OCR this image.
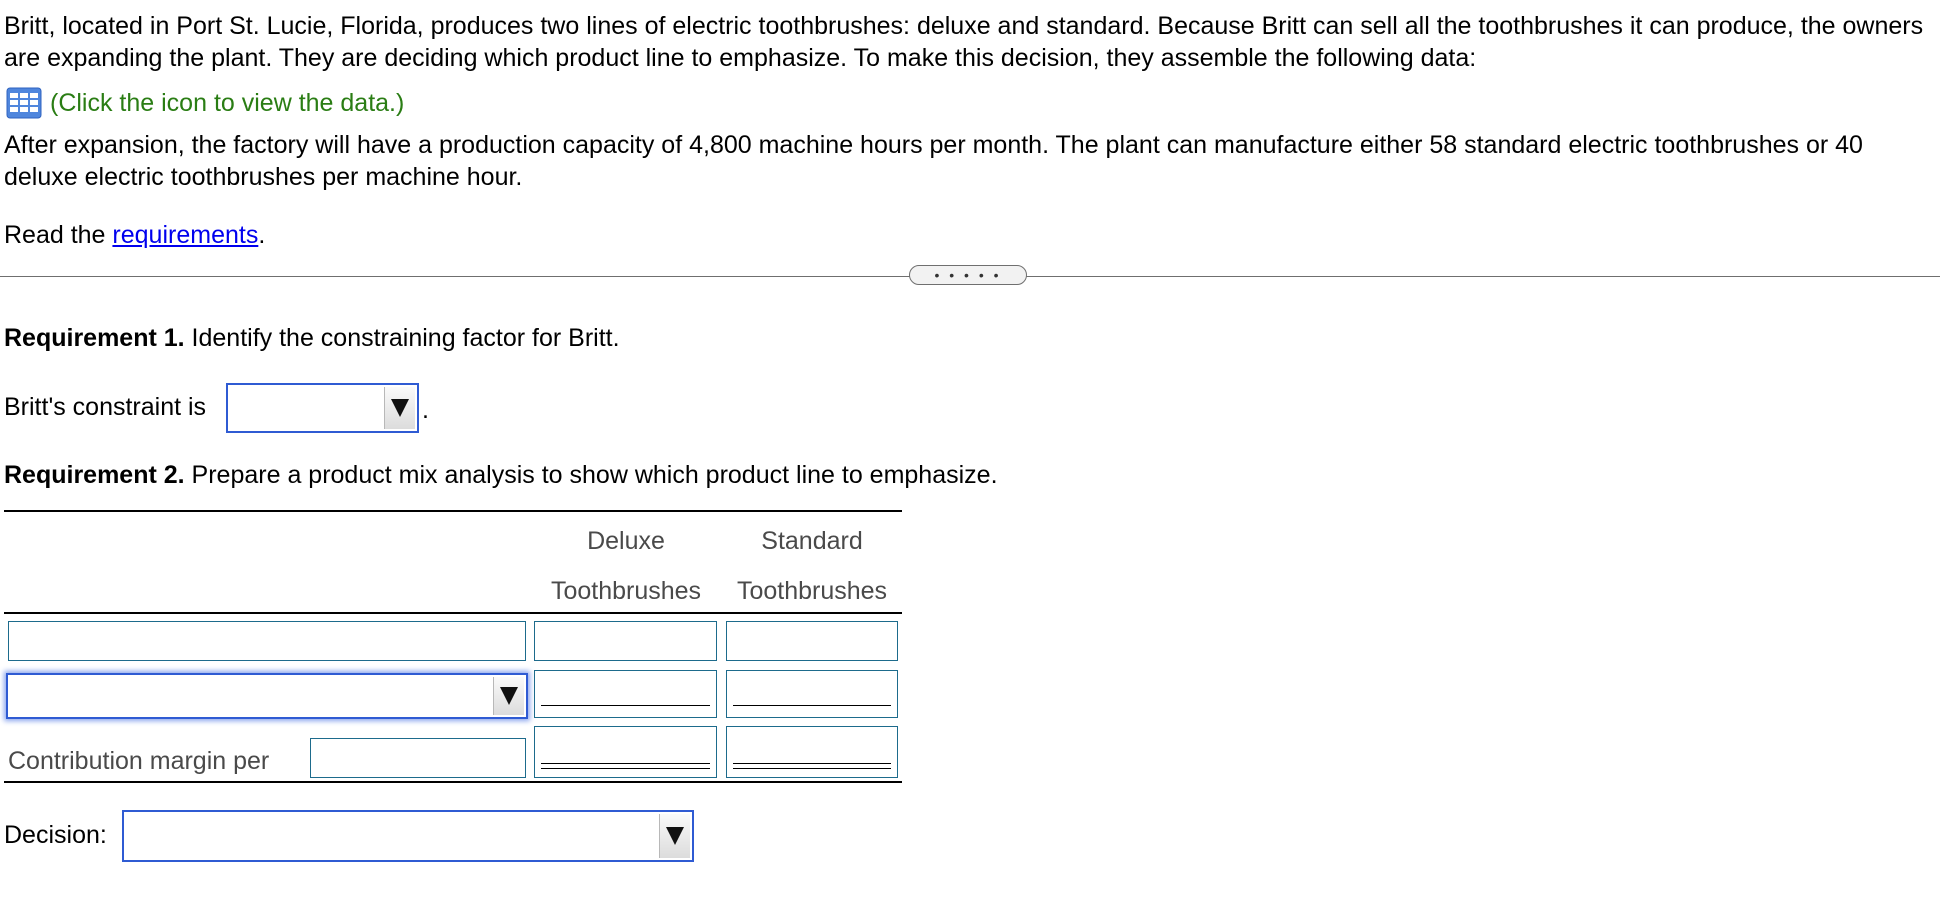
Britt, located in Port St. Lucie, Florida, produces two lines of electric toothbrushes: deluxe and standard. Because Britt can sell all the toothbrushes it can produce, the owners are expanding the plant. They are deciding which product line to emphasize. To make this decision, they assemble the following data:
(Click the icon to view the data.)
After expansion, the factory will have a production capacity of 4,800 machine hours per month. The plant can manufacture either 58 standard electric toothbrushes or 40 deluxe electric toothbrushes per machine hour.
Read the requirements.
• • • • •
Requirement 1. Identify the constraining factor for Britt.
Britt's constraint is	.
Requirement 2. Prepare a product mix analysis to show which product line to emphasize.
Deluxe
Toothbrushes
Standard
Toothbrushes
Contribution margin per
Decision:
